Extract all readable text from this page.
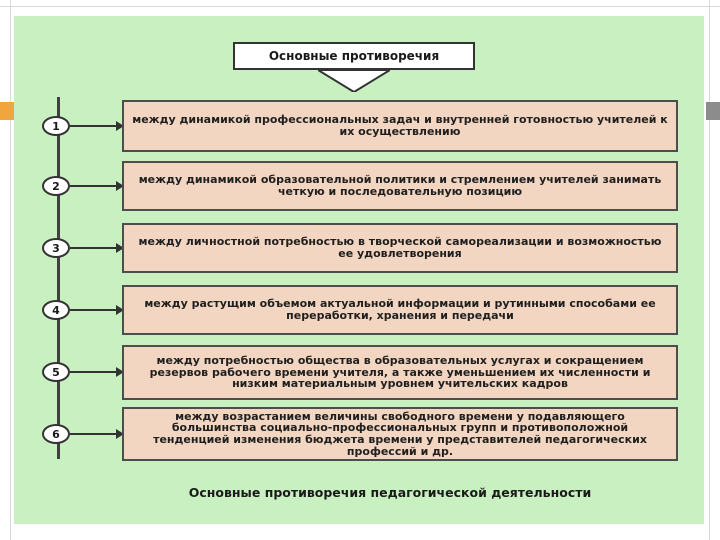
Основные противоречия
1	между динамикой профессиональных задач и внутренней готовностью учителей к их осуществлению
2	между динамикой образовательной политики и стремлением учителей занимать четкую и последовательную позицию
3	между личностной потребностью в творческой самореализации и возможностью ее удовлетворения
4	между растущим объемом актуальной информации и рутинными способами ее переработки, хранения и передачи
5
между потребностью общества в образовательных услугах и сокращением резервов рабочего времени учителя, а также уменьшением их численности и низким материальным уровнем учительских кадров
6
между возрастанием величины свободного времени у подавляющего большинства социально-профессиональных групп и противоположной тенденцией изменения бюджета времени у представителей педагогических профессий и др.
Основные противоречия педагогической деятельности
